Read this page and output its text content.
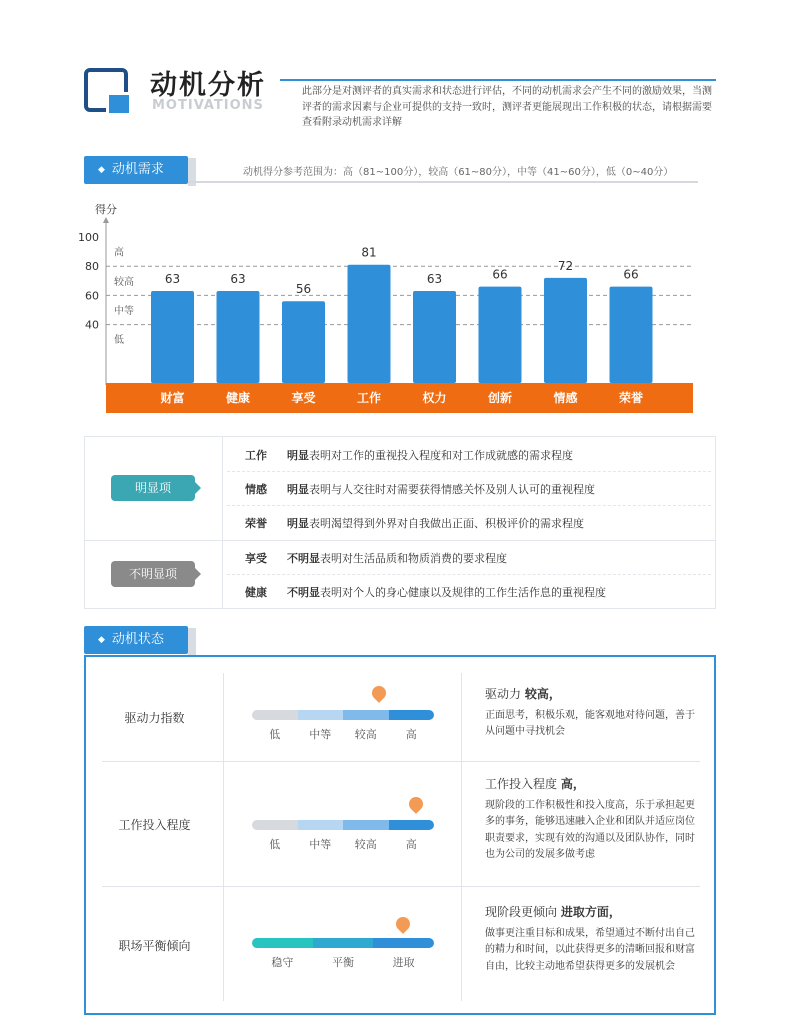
动机分析
MOTIVATIONS
此部分是对测评者的真实需求和状态进行评估，不同的动机需求会产生不同的激励效果，当测评者的需求因素与企业可提供的支持一致时，测评者更能展现出工作积极的状态，请根据需要查看附录动机需求详解
◆ 动机需求	动机得分参考范围为：高（81~100分），较高（61~80分），中等（41~60分），低（0~40分）
得分
40
60
80
100
高
较高
中等
低
63	63
56
81
63	66
72
66
财富	健康	享受	工作	权力	创新	情感	荣誉
明显项
不明显项
工作 明显表明对工作的重视投入程度和对工作成就感的需求程度
情感 明显表明与人交往时对需要获得情感关怀及别人认可的重视程度
荣誉 明显表明渴望得到外界对自我做出正面、积极评价的需求程度
享受 不明显表明对生活品质和物质消费的要求程度
健康 不明显表明对个人的身心健康以及规律的工作生活作息的重视程度
◆ 动机状态
驱动力指数
低	中等	较高	高
驱动力 较高，
正面思考，积极乐观，能客观地对待问题，善于从问题中寻找机会
工作投入程度
低	中等	较高	高
工作投入程度 高，
现阶段的工作积极性和投入度高，乐于承担起更多的事务，能够迅速融入企业和团队并适应岗位职责要求，实现有效的沟通以及团队协作，同时也为公司的发展多做考虑
职场平衡倾向
稳守	平衡	进取
现阶段更倾向 进取方面，
做事更注重目标和成果，希望通过不断付出自己的精力和时间，以此获得更多的清晰回报和财富自由，比较主动地希望获得更多的发展机会
